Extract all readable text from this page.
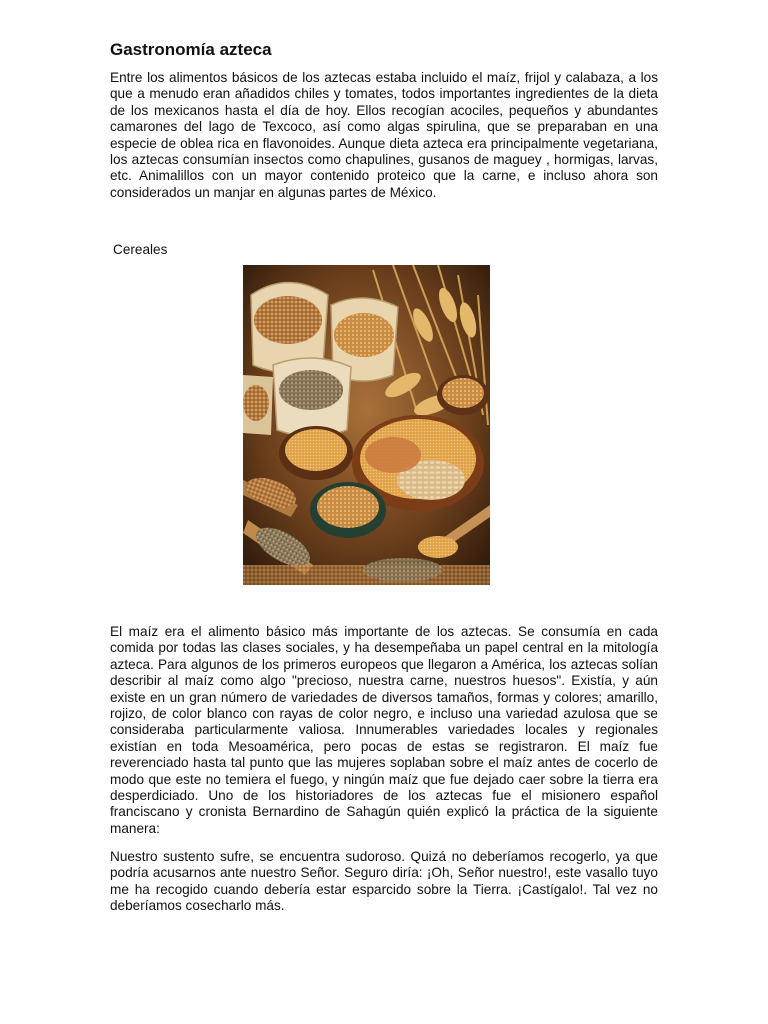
Gastronomía azteca

Entre los alimentos básicos de los aztecas estaba incluido el maíz, frijol y calabaza, a los que a menudo eran añadidos chiles y tomates, todos importantes ingredientes de la dieta de los mexicanos hasta el día de hoy. Ellos recogían acociles, pequeños y abundantes camarones del lago de Texcoco, así como algas spirulina, que se preparaban en una especie de oblea rica en flavonoides. Aunque dieta azteca era principalmente vegetariana, los aztecas consumían insectos como chapulines, gusanos de maguey , hormigas, larvas, etc. Animalillos con un mayor contenido proteico que la carne, e incluso ahora son considerados un manjar en algunas partes de México.

Cereales

El maíz era el alimento básico más importante de los aztecas. Se consumía en cada comida por todas las clases sociales, y ha desempeñaba un papel central en la mitología azteca. Para algunos de los primeros europeos que llegaron a América, los aztecas solían describir al maíz como algo "precioso, nuestra carne, nuestros huesos". Existía, y aún existe en un gran número de variedades de diversos tamaños, formas y colores; amarillo, rojizo, de color blanco con rayas de color negro, e incluso una variedad azulosa que se consideraba particularmente valiosa. Innumerables variedades locales y regionales existían en toda Mesoamérica, pero pocas de estas se registraron. El maíz fue reverenciado hasta tal punto que las mujeres soplaban sobre el maíz antes de cocerlo de modo que este no temiera el fuego, y ningún maíz que fue dejado caer sobre la tierra era desperdiciado. Uno de los historiadores de los aztecas fue el misionero español franciscano y cronista Bernardino de Sahagún quién explicó la práctica de la siguiente manera:

Nuestro sustento sufre, se encuentra sudoroso. Quizá no deberíamos recogerlo, ya que podría acusarnos ante nuestro Señor. Seguro diría: ¡Oh, Señor nuestro!, este vasallo tuyo me ha recogido cuando debería estar esparcido sobre la Tierra. ¡Castígalo!. Tal vez no deberíamos cosecharlo más.
